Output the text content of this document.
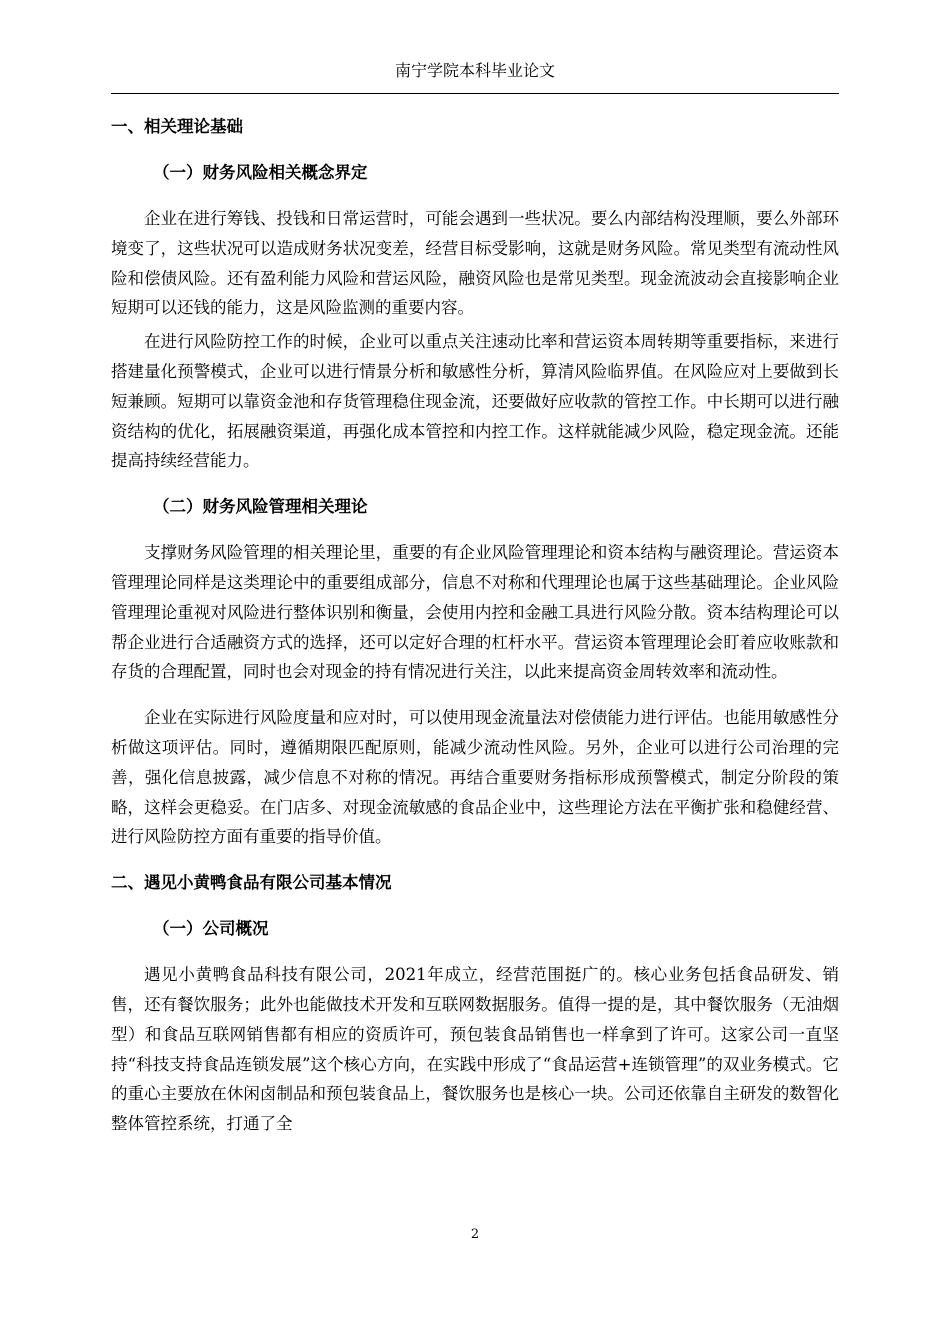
南宁学院本科毕业论文
一、相关理论基础
（一）财务风险相关概念界定
企业在进行筹钱、投钱和日常运营时，可能会遇到一些状况。要么内部结构没理顺，要么外部环境变了，这些状况可以造成财务状况变差，经营目标受影响，这就是财务风险。常见类型有流动性风险和偿债风险。还有盈利能力风险和营运风险，融资风险也是常见类型。现金流波动会直接影响企业短期可以还钱的能力，这是风险监测的重要内容。
在进行风险防控工作的时候，企业可以重点关注速动比率和营运资本周转期等重要指标，来进行搭建量化预警模式，企业可以进行情景分析和敏感性分析，算清风险临界值。在风险应对上要做到长短兼顾。短期可以靠资金池和存货管理稳住现金流，还要做好应收款的管控工作。中长期可以进行融资结构的优化，拓展融资渠道，再强化成本管控和内控工作。这样就能减少风险，稳定现金流。还能提高持续经营能力。
（二）财务风险管理相关理论
支撑财务风险管理的相关理论里，重要的有企业风险管理理论和资本结构与融资理论。营运资本管理理论同样是这类理论中的重要组成部分，信息不对称和代理理论也属于这些基础理论。企业风险管理理论重视对风险进行整体识别和衡量，会使用内控和金融工具进行风险分散。资本结构理论可以帮企业进行合适融资方式的选择，还可以定好合理的杠杆水平。营运资本管理理论会盯着应收账款和存货的合理配置，同时也会对现金的持有情况进行关注，以此来提高资金周转效率和流动性。
企业在实际进行风险度量和应对时，可以使用现金流量法对偿债能力进行评估。也能用敏感性分析做这项评估。同时，遵循期限匹配原则，能减少流动性风险。另外，企业可以进行公司治理的完善，强化信息披露，减少信息不对称的情况。再结合重要财务指标形成预警模式，制定分阶段的策略，这样会更稳妥。在门店多、对现金流敏感的食品企业中，这些理论方法在平衡扩张和稳健经营、进行风险防控方面有重要的指导价值。
二、遇见小黄鸭食品有限公司基本情况
（一）公司概况
遇见小黄鸭食品科技有限公司，2021年成立，经营范围挺广的。核心业务包括食品研发、销售，还有餐饮服务；此外也能做技术开发和互联网数据服务。值得一提的是，其中餐饮服务（无油烟型）和食品互联网销售都有相应的资质许可，预包装食品销售也一样拿到了许可。这家公司一直坚持“科技支持食品连锁发展”这个核心方向，在实践中形成了“食品运营+连锁管理”的双业务模式。它的重心主要放在休闲卤制品和预包装食品上，餐饮服务也是核心一块。公司还依靠自主研发的数智化整体管控系统，打通了全
2
